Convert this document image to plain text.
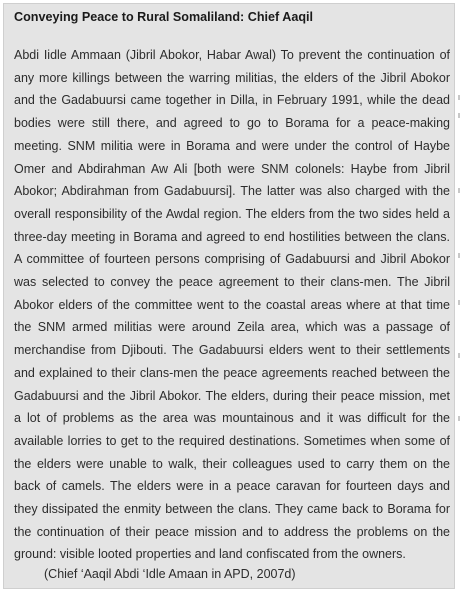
Conveying Peace to Rural Somaliland: Chief Aaqil

Abdi Iidle Ammaan (Jibril Abokor, Habar Awal) To prevent the continuation of any more killings between the warring militias, the elders of the Jibril Abokor and the Gadabuursi came together in Dilla, in February 1991, while the dead bodies were still there, and agreed to go to Borama for a peace-making meeting. SNM militia were in Borama and were under the control of Haybe Omer and Abdirahman Aw Ali [both were SNM colonels: Haybe from Jibril Abokor; Abdirahman from Gadabuursi]. The latter was also charged with the overall responsibility of the Awdal region. The elders from the two sides held a three-day meeting in Borama and agreed to end hostilities between the clans. A committee of fourteen persons comprising of Gadabuursi and Jibril Abokor was selected to convey the peace agreement to their clans-men. The Jibril Abokor elders of the committee went to the coastal areas where at that time the SNM armed militias were around Zeila area, which was a passage of merchandise from Djibouti. The Gadabuursi elders went to their settlements and explained to their clans-men the peace agreements reached between the Gadabuursi and the Jibril Abokor. The elders, during their peace mission, met a lot of problems as the area was mountainous and it was difficult for the available lorries to get to the required destinations. Sometimes when some of the elders were unable to walk, their colleagues used to carry them on the back of camels. The elders were in a peace caravan for fourteen days and they dissipated the enmity between the clans. They came back to Borama for the continuation of their peace mission and to address the problems on the ground: visible looted properties and land confiscated from the owners.

(Chief ‘Aaqil Abdi ‘Idle Amaan in APD, 2007d)
